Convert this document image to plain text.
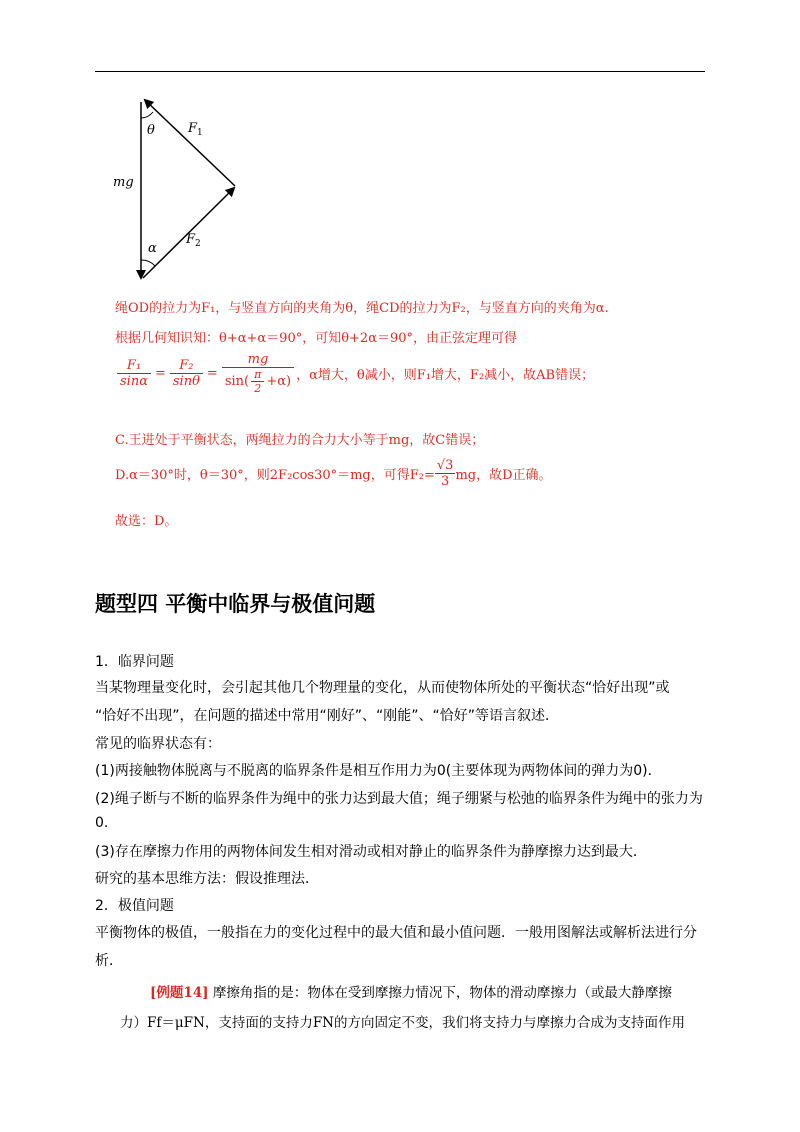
θ
α
mg
$F_1$
$F_2$
绳OD的拉力为F₁，与竖直方向的夹角为θ，绳CD的拉力为F₂，与竖直方向的夹角为α.
根据几何知识知：θ+α+α＝90°，可知θ+2α＝90°，由正弦定理可得
$\frac{\text{F₁}}{\sin\alpha} = \frac{\text{F₂}}{\sin\theta} = \frac{mg}{\sin( \frac{\pi}{2} +\alpha)}$ ，α增大，θ减小，则F₁增大，F₂减小，故AB错误；
C.王进处于平衡状态，两绳拉力的合力大小等于mg，故C错误；
D.α＝30°时，θ＝30°，则2F₂cos30°＝mg，可得$F_2= \frac{√3}{3}$ mg，故D正确。
故选：D。
题型四 平衡中临界与极值问题
1．临界问题
当某物理量变化时，会引起其他几个物理量的变化，从而使物体所处的平衡状态“恰好出现”或
“恰好不出现”，在问题的描述中常用“刚好”、“刚能”、“恰好”等语言叙述．
常见的临界状态有：
(1)两接触物体脱离与不脱离的临界条件是相互作用力为0(主要体现为两物体间的弹力为0)．
(2)绳子断与不断的临界条件为绳中的张力达到最大值；绳子绷紧与松弛的临界条件为绳中的张力为
0.
(3)存在摩擦力作用的两物体间发生相对滑动或相对静止的临界条件为静摩擦力达到最大．
研究的基本思维方法：假设推理法．
2．极值问题
平衡物体的极值，一般指在力的变化过程中的最大值和最小值问题．一般用图解法或解析法进行分
析．
[例题14] 摩擦角指的是：物体在受到摩擦力情况下，物体的滑动摩擦力（或最大静摩擦
力）Ff＝μFN，支持面的支持力FN的方向固定不变，我们将支持力与摩擦力合成为支持面作用
